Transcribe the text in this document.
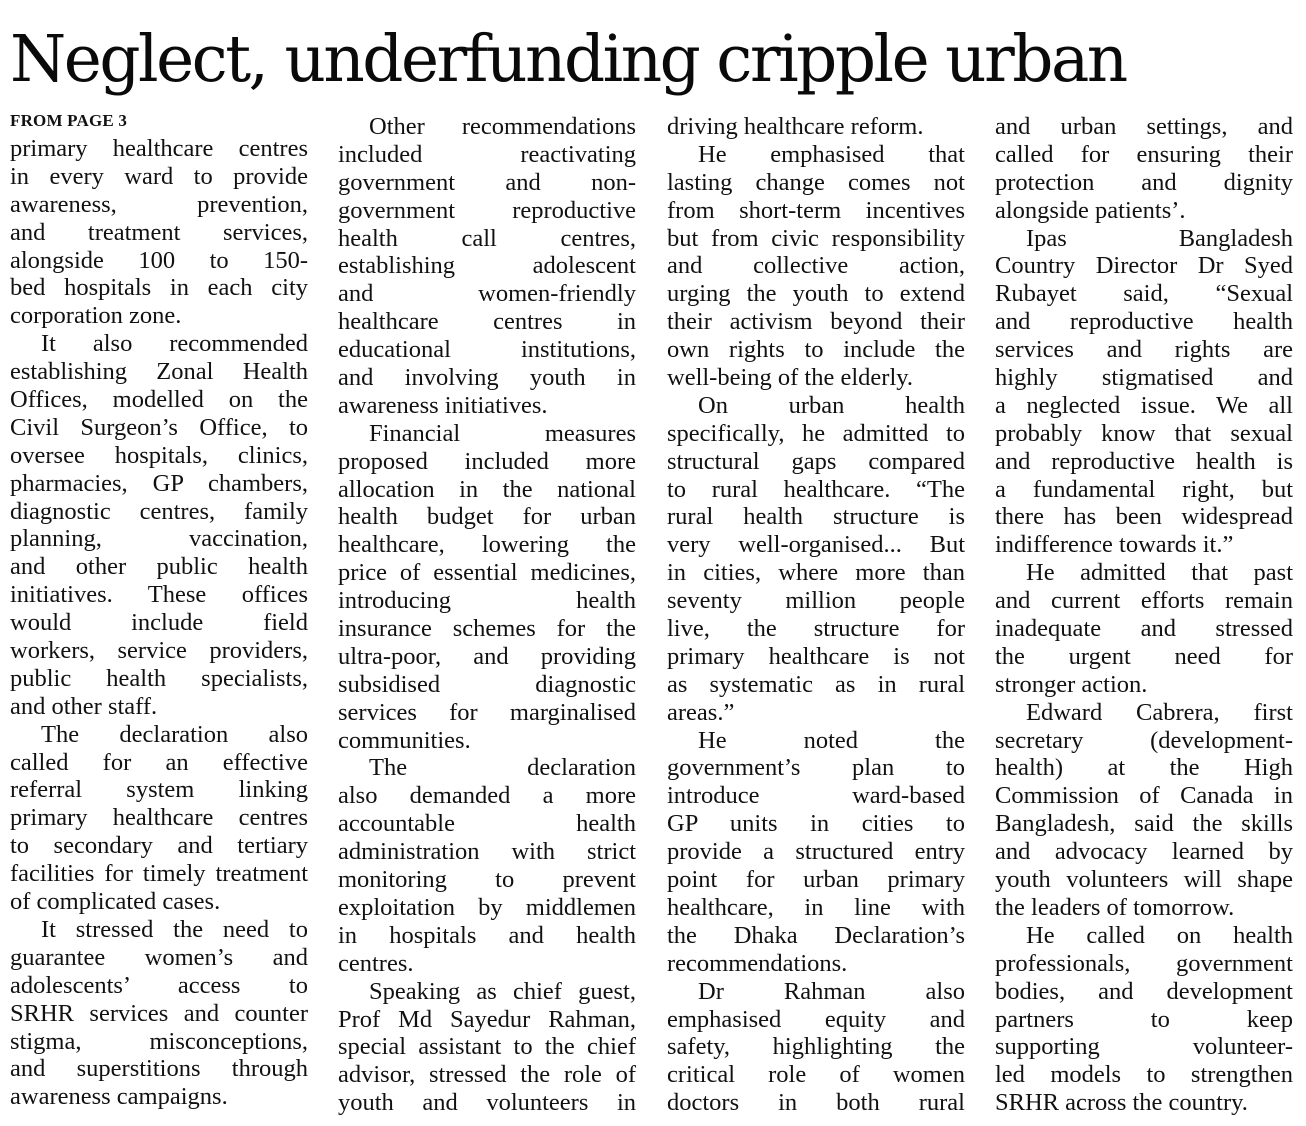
Neglect, underfunding cripple urban
FROM PAGE 3
primary healthcare centres
in every ward to provide
awareness, prevention,
and treatment services,
alongside 100 to 150-
bed hospitals in each city
corporation zone.
It also recommended
establishing Zonal Health
Offices, modelled on the
Civil Surgeon’s Office, to
oversee hospitals, clinics,
pharmacies, GP chambers,
diagnostic centres, family
planning, vaccination,
and other public health
initiatives. These offices
would include field
workers, service providers,
public health specialists,
and other staff.
The declaration also
called for an effective
referral system linking
primary healthcare centres
to secondary and tertiary
facilities for timely treatment
of complicated cases.
It stressed the need to
guarantee women’s and
adolescents’ access to
SRHR services and counter
stigma, misconceptions,
and superstitions through
awareness campaigns.
Other recommendations
included reactivating
government and non-
government reproductive
health call centres,
establishing adolescent
and women-friendly
healthcare centres in
educational institutions,
and involving youth in
awareness initiatives.
Financial measures
proposed included more
allocation in the national
health budget for urban
healthcare, lowering the
price of essential medicines,
introducing health
insurance schemes for the
ultra-poor, and providing
subsidised diagnostic
services for marginalised
communities.
The declaration
also demanded a more
accountable health
administration with strict
monitoring to prevent
exploitation by middlemen
in hospitals and health
centres.
Speaking as chief guest,
Prof Md Sayedur Rahman,
special assistant to the chief
advisor, stressed the role of
youth and volunteers in
driving healthcare reform.
He emphasised that
lasting change comes not
from short-term incentives
but from civic responsibility
and collective action,
urging the youth to extend
their activism beyond their
own rights to include the
well-being of the elderly.
On urban health
specifically, he admitted to
structural gaps compared
to rural healthcare. “The
rural health structure is
very well-organised... But
in cities, where more than
seventy million people
live, the structure for
primary healthcare is not
as systematic as in rural
areas.”
He noted the
government’s plan to
introduce ward-based
GP units in cities to
provide a structured entry
point for urban primary
healthcare, in line with
the Dhaka Declaration’s
recommendations.
Dr Rahman also
emphasised equity and
safety, highlighting the
critical role of women
doctors in both rural
and urban settings, and
called for ensuring their
protection and dignity
alongside patients’.
Ipas Bangladesh
Country Director Dr Syed
Rubayet said, “Sexual
and reproductive health
services and rights are
highly stigmatised and
a neglected issue. We all
probably know that sexual
and reproductive health is
a fundamental right, but
there has been widespread
indifference towards it.”
He admitted that past
and current efforts remain
inadequate and stressed
the urgent need for
stronger action.
Edward Cabrera, first
secretary (development-
health) at the High
Commission of Canada in
Bangladesh, said the skills
and advocacy learned by
youth volunteers will shape
the leaders of tomorrow.
He called on health
professionals, government
bodies, and development
partners to keep
supporting volunteer-
led models to strengthen
SRHR across the country.
